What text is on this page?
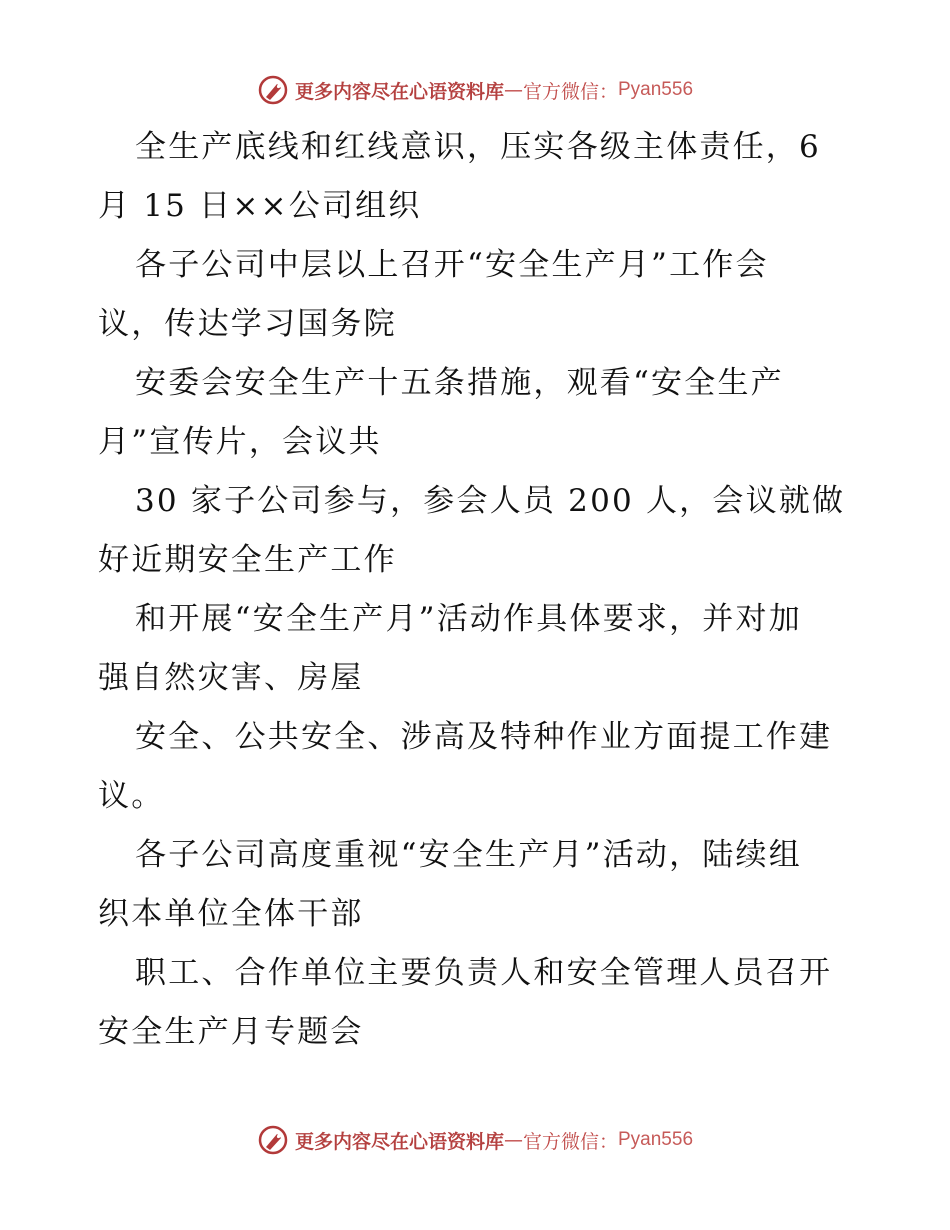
更多内容尽在心语资料库 — 官方微信： Pyan556

全生产底线和红线意识，压实各级主体责任，6
月 15 日××公司组织

各子公司中层以上召开“安全生产月”工作会
议，传达学习国务院

安委会安全生产十五条措施，观看“安全生产
月”宣传片，会议共

30 家子公司参与，参会人员 200 人，会议就做
好近期安全生产工作

和开展“安全生产月”活动作具体要求，并对加
强自然灾害、房屋

安全、公共安全、涉高及特种作业方面提工作建
议。

各子公司高度重视“安全生产月”活动，陆续组
织本单位全体干部

职工、合作单位主要负责人和安全管理人员召开
安全生产月专题会

更多内容尽在心语资料库 — 官方微信： Pyan556
